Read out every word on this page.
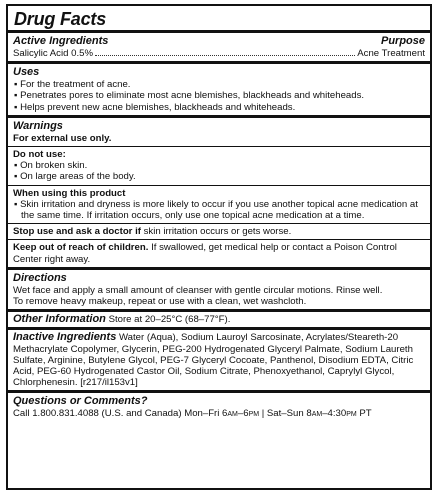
Drug Facts
Active Ingredients	Purpose
Salicylic Acid 0.5%	Acne Treatment
Uses
▪ For the treatment of acne.
▪ Penetrates pores to eliminate most acne blemishes, blackheads and whiteheads.
▪ Helps prevent new acne blemishes, blackheads and whiteheads.
Warnings
For external use only.
Do not use:
▪ On broken skin.
▪ On large areas of the body.
When using this product
▪ Skin irritation and dryness is more likely to occur if you use another topical acne medication at the same time. If irritation occurs, only use one topical acne medication at a time.
Stop use and ask a doctor if skin irritation occurs or gets worse.
Keep out of reach of children. If swallowed, get medical help or contact a Poison Control Center right away.
Directions
Wet face and apply a small amount of cleanser with gentle circular motions. Rinse well.
To remove heavy makeup, repeat or use with a clean, wet washcloth.
Other Information Store at 20–25°C (68–77°F).
Inactive Ingredients Water (Aqua), Sodium Lauroyl Sarcosinate, Acrylates/Steareth-20 Methacrylate Copolymer, Glycerin, PEG-200 Hydrogenated Glyceryl Palmate, Sodium Laureth Sulfate, Arginine, Butylene Glycol, PEG-7 Glyceryl Cocoate, Panthenol, Disodium EDTA, Citric Acid, PEG-60 Hydrogenated Castor Oil, Sodium Citrate, Phenoxyethanol, Caprylyl Glycol, Chlorphenesin. [r217/il153v1]
Questions or Comments?
Call 1.800.831.4088 (U.S. and Canada) Mon–Fri 6AM–6PM | Sat–Sun 8AM–4:30PM PT
